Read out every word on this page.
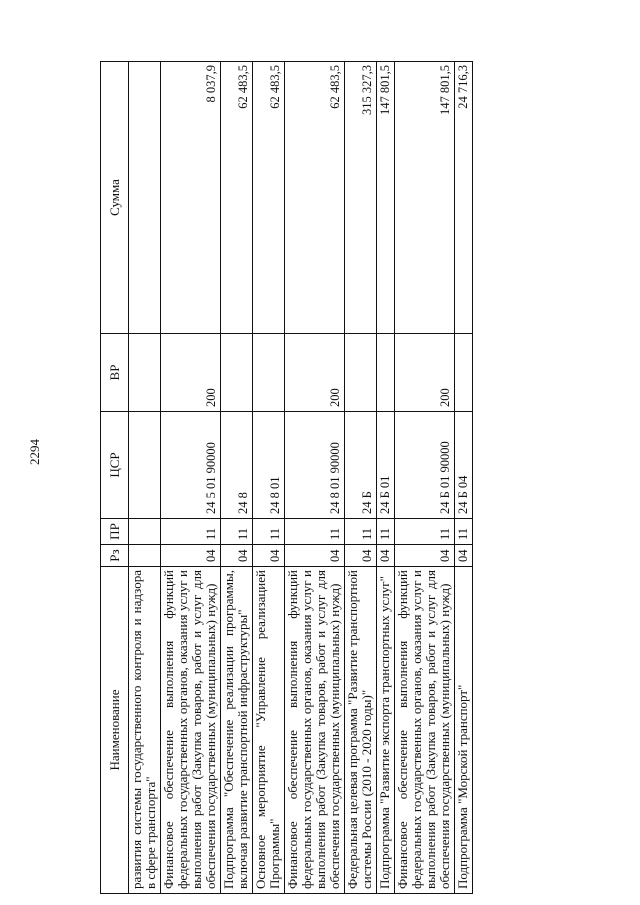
2294
Наименование	Рз	ПР	ЦСР	ВР	Сумма
развития системы государственного контроля и надзора в сфере транспорта"					
Финансовое обеспечение выполнения функций федеральных государственных органов, оказания услуг и выполнения работ (Закупка товаров, работ и услуг для обеспечения государственных (муниципальных) нужд)	04	11	24 5 01 90000	200	8 037,9
Подпрограмма "Обеспечение реализации программы, включая развитие транспортной инфраструктуры"	04	11	24 8		62 483,5
Основное мероприятие "Управление реализацией Программы"	04	11	24 8 01		62 483,5
Финансовое обеспечение выполнения функций федеральных государственных органов, оказания услуг и выполнения работ (Закупка товаров, работ и услуг для обеспечения государственных (муниципальных) нужд)	04	11	24 8 01 90000	200	62 483,5
Федеральная целевая программа "Развитие транспортной системы России (2010 - 2020 годы)"	04	11	24 Б		315 327,3
Подпрограмма "Развитие экспорта транспортных услуг"	04	11	24 Б 01		147 801,5
Финансовое обеспечение выполнения функций федеральных государственных органов, оказания услуг и выполнения работ (Закупка товаров, работ и услуг для обеспечения государственных (муниципальных) нужд)	04	11	24 Б 01 90000	200	147 801,5
Подпрограмма "Морской транспорт"	04	11	24 Б 04		24 716,3
